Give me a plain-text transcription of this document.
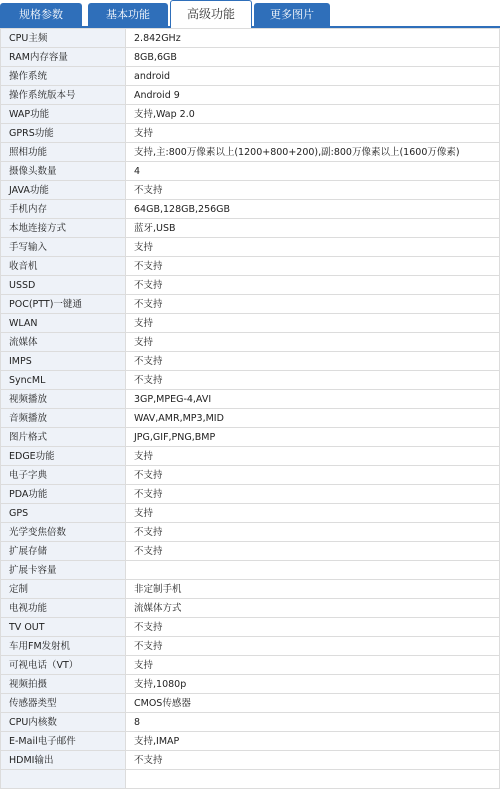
规格参数	基本功能	高级功能	更多图片
CPU主频	2.842GHz
RAM内存容量	8GB,6GB
操作系统	android
操作系统版本号	Android 9
WAP功能	支持,Wap 2.0
GPRS功能	支持
照相功能	支持,主:800万像素以上(1200+800+200),副:800万像素以上(1600万像素)
摄像头数量	4
JAVA功能	不支持
手机内存	64GB,128GB,256GB
本地连接方式	蓝牙,USB
手写输入	支持
收音机	不支持
USSD	不支持
POC(PTT)一键通	不支持
WLAN	支持
流媒体	支持
IMPS	不支持
SyncML	不支持
视频播放	3GP,MPEG-4,AVI
音频播放	WAV,AMR,MP3,MID
图片格式	JPG,GIF,PNG,BMP
EDGE功能	支持
电子字典	不支持
PDA功能	不支持
GPS	支持
光学变焦倍数	不支持
扩展存储	不支持
扩展卡容量	
定制	非定制手机
电视功能	流媒体方式
TV OUT	不支持
车用FM发射机	不支持
可视电话（VT）	支持
视频拍摄	支持,1080p
传感器类型	CMOS传感器
CPU内核数	8
E-Mail电子邮件	支持,IMAP
HDMI输出	不支持
